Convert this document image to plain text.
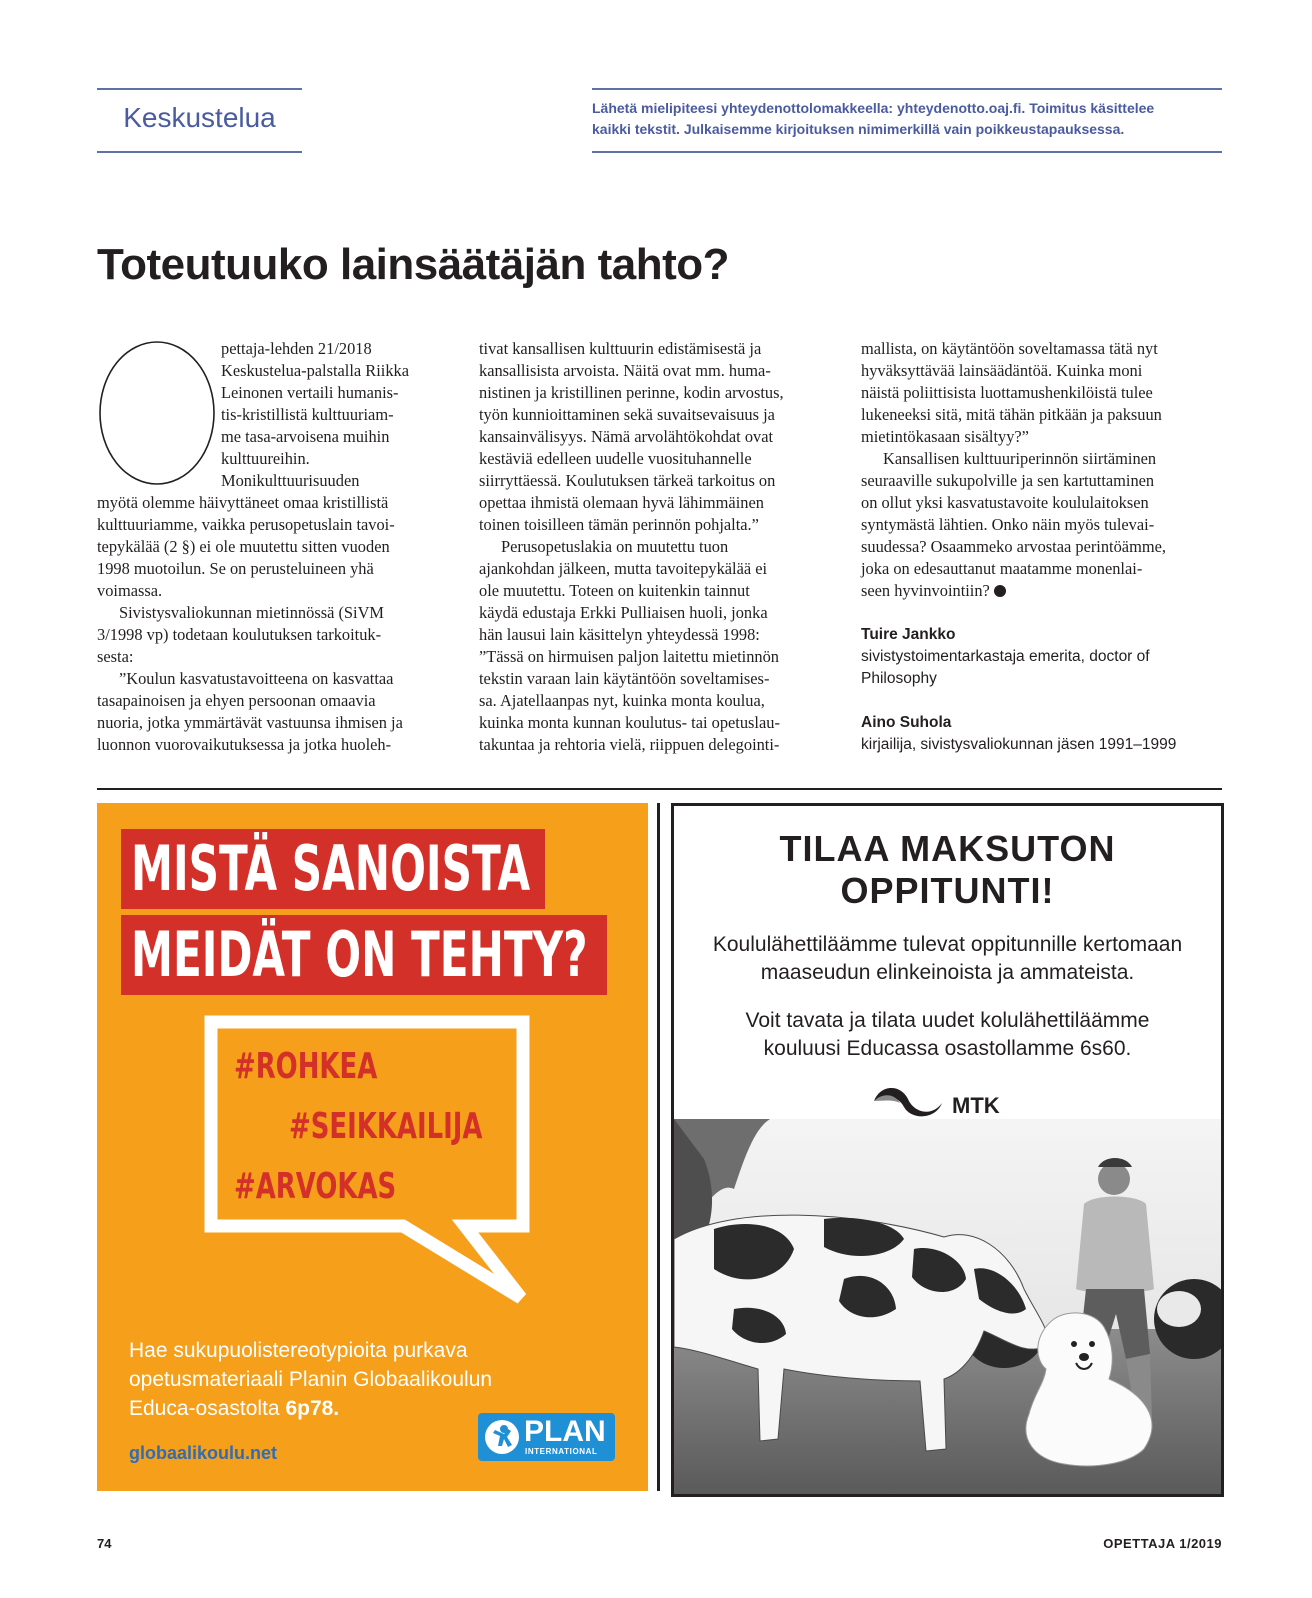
Keskustelua	Lähetä mielipiteesi yhteydenottolomakkeella: yhteydenotto.oaj.fi. Toimitus käsittelee
kaikki tekstit. Julkaisemme kirjoituksen nimimerkillä vain poikkeustapauksessa.
Toteutuuko lainsäätäjän tahto?
O

pettaja-lehden 21/2018
Keskustelua-palstalla Riikka
Leinonen vertaili humanis-
tis-kristillistä kulttuuriam-
me tasa-arvoisena muihin
kulttuureihin.
Monikulttuurisuuden

myötä olemme häivyttäneet omaa kristillistä
kulttuuriamme, vaikka perusopetuslain tavoi-
tepykälää (2 §) ei ole muutettu sitten vuoden
1998 muotoilun. Se on perusteluineen yhä
voimassa.

Sivistysvaliokunnan mietinnössä (SiVM
3/1998 vp) todetaan koulutuksen tarkoituk-
sesta:

”Koulun kasvatustavoitteena on kasvattaa
tasapainoisen ja ehyen persoonan omaavia
nuoria, jotka ymmärtävät vastuunsa ihmisen ja
luonnon vuorovaikutuksessa ja jotka huoleh-

tivat kansallisen kulttuurin edistämisestä ja
kansallisista arvoista. Näitä ovat mm. huma-
nistinen ja kristillinen perinne, kodin arvostus,
työn kunnioittaminen sekä suvaitsevaisuus ja
kansainvälisyys. Nämä arvolähtökohdat ovat
kestäviä edelleen uudelle vuosituhannelle
siirryttäessä. Koulutuksen tärkeä tarkoitus on
opettaa ihmistä olemaan hyvä lähimmäinen
toinen toisilleen tämän perinnön pohjalta.”

Perusopetuslakia on muutettu tuon
ajankohdan jälkeen, mutta tavoitepykälää ei
ole muutettu. Toteen on kuitenkin tainnut
käydä edustaja Erkki Pulliaisen huoli, jonka
hän lausui lain käsittelyn yhteydessä 1998:
”Tässä on hirmuisen paljon laitettu mietinnön
tekstin varaan lain käytäntöön soveltamises-
sa. Ajatellaanpas nyt, kuinka monta koulua,
kuinka monta kunnan koulutus- tai opetuslau-
takuntaa ja rehtoria vielä, riippuen delegointi-

mallista, on käytäntöön soveltamassa tätä nyt
hyväksyttävää lainsäädäntöä. Kuinka moni
näistä poliittisista luottamushenkilöistä tulee
lukeneeksi sitä, mitä tähän pitkään ja paksuun
mietintökasaan sisältyy?”

Kansallisen kulttuuriperinnön siirtäminen
seuraaville sukupolville ja sen kartuttaminen
on ollut yksi kasvatustavoite koululaitoksen
syntymästä lähtien. Onko näin myös tulevai-
suudessa? Osaammeko arvostaa perintöämme,
joka on edesauttanut maatamme monenlai-
seen hyvinvointiin?

Tuire Jankko
sivistystoimentarkastaja emerita, doctor of
Philosophy
Aino Suhola
kirjailija, sivistysvaliokunnan jäsen 1991–1999
MISTÄ SANOISTA
MEIDÄT ON TEHTY?
#ROHKEA
#SEIKKAILIJA
#ARVOKAS
Hae sukupuolistereotypioita purkava
opetusmateriaali Planin Globaalikoulun
Educa-osastolta 6p78.
globaalikoulu.net
PLAN
INTERNATIONAL
TILAA MAKSUTON
OPPITUNTI!
Koululähettiläämme tulevat oppitunnille kertomaan
maaseudun elinkeinoista ja ammateista.
Voit tavata ja tilata uudet kolulähettiläämme
kouluusi Educassa osastollamme 6s60.
MTK
74	OPETTAJA 1/2019
